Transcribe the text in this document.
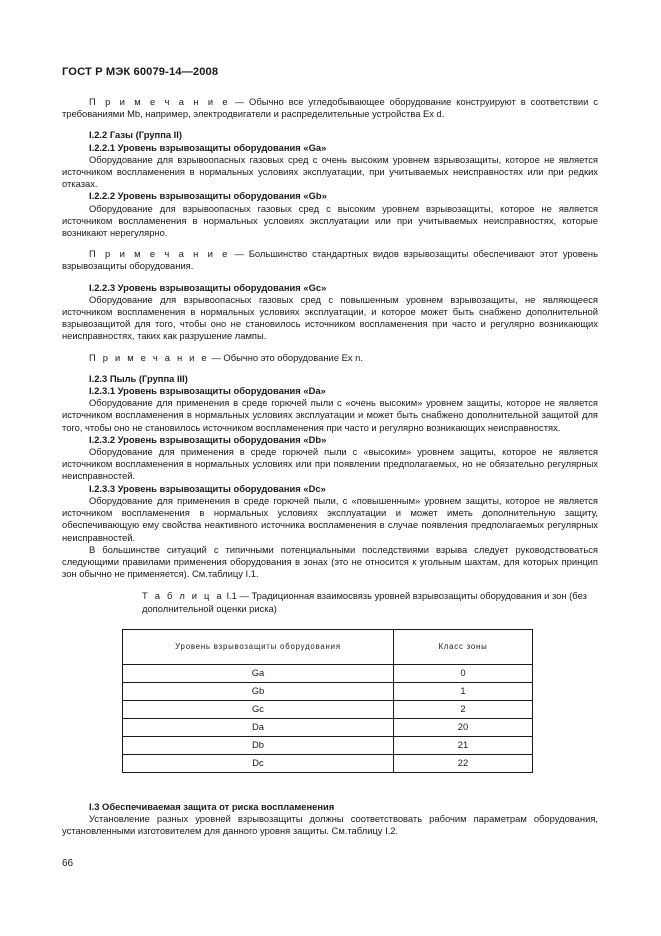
ГОСТ Р МЭК 60079-14—2008

П р и м е ч а н и е — Обычно все угледобывающее оборудование конструируют в соответствии с требованиями Mb, например, электродвигатели и распределительные устройства Ex d.

I.2.2 Газы (Группа II)

I.2.2.1 Уровень взрывозащиты оборудования «Ga»

Оборудование для взрывоопасных газовых сред с очень высоким уровнем взрывозащиты, которое не является источником воспламенения в нормальных условиях эксплуатации, при учитываемых неисправностях или при редких отказах.

I.2.2.2 Уровень взрывозащиты оборудования «Gb»

Оборудование для взрывоопасных газовых сред с высоким уровнем взрывозащиты, которое не является источником воспламенения в нормальных условиях эксплуатации или при учитываемых неисправностях, которые возникают нерегулярно.

П р и м е ч а н и е — Большинство стандартных видов взрывозащиты обеспечивают этот уровень взрывозащиты оборудования.

I.2.2.3 Уровень взрывозащиты оборудования «Gc»

Оборудование для взрывоопасных газовых сред с повышенным уровнем взрывозащиты, не являющееся источником воспламенения в нормальных условиях эксплуатации, и которое может быть снабжено дополнительной взрывозащитой для того, чтобы оно не становилось источником воспламенения при часто и регулярно возникающих неисправностях, таких как разрушение лампы.

П р и м е ч а н и е — Обычно это оборудование Ex n.

I.2.3 Пыль (Группа III)

I.2.3.1 Уровень взрывозащиты оборудования «Da»

Оборудование для применения в среде горючей пыли с «очень высоким» уровнем защиты, которое не является источником воспламенения в нормальных условиях эксплуатации и может быть снабжено дополнительной защитой для того, чтобы оно не становилось источником воспламенения при часто и регулярно возникающих неисправностях.

I.2.3.2 Уровень взрывозащиты оборудования «Db»

Оборудование для применения в среде горючей пыли с «высоким» уровнем защиты, которое не является источником воспламенения в нормальных условиях или при появлении предполагаемых, но не обязательно регулярных неисправностей.

I.2.3.3 Уровень взрывозащиты оборудования «Dc»

Оборудование для применения в среде горючей пыли, с «повышенным» уровнем защиты, которое не является источником воспламенения в нормальных условиях эксплуатации и может иметь дополнительную защиту, обеспечивающую ему свойства неактивного источника воспламенения в случае появления предполагаемых регулярных неисправностей.

В большинстве ситуаций с типичными потенциальными последствиями взрыва следует руководствоваться следующими правилами применения оборудования в зонах (это не относится к угольным шахтам, для которых принцип зон обычно не применяется). См.таблицу I.1.

Т а б л и ц а I.1 — Традиционная взаимосвязь уровней взрывозащиты оборудования и зон (без дополнительной оценки риска)

Уровень взрывозащиты оборудования	Класс зоны
Ga	0
Gb	1
Gc	2
Da	20
Db	21
Dc	22

I.3 Обеспечиваемая защита от риска воспламенения

Установление разных уровней взрывозащиты должны соответствовать рабочим параметрам оборудования, установленными изготовителем для данного уровня защиты. См.таблицу I.2.

66
